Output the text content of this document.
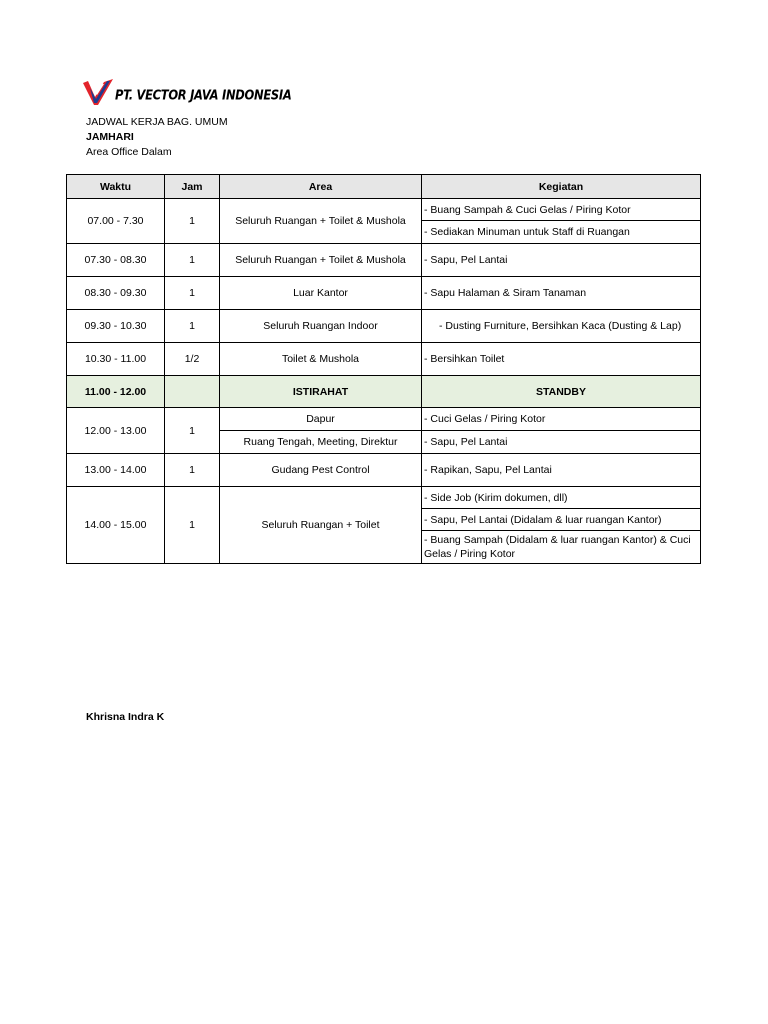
PT. VECTOR JAVA INDONESIA
JADWAL KERJA BAG. UMUM
JAMHARI
Area Office Dalam
Waktu	Jam	Area	Kegiatan
07.00 - 7.30	1	Seluruh Ruangan + Toilet & Mushola	- Buang Sampah & Cuci Gelas / Piring Kotor
			- Sediakan Minuman untuk Staff di Ruangan
07.30 - 08.30	1	Seluruh Ruangan + Toilet & Mushola	- Sapu, Pel Lantai
08.30 - 09.30	1	Luar Kantor	- Sapu Halaman & Siram Tanaman
09.30 - 10.30	1	Seluruh Ruangan Indoor	- Dusting Furniture, Bersihkan Kaca (Dusting & Lap)
10.30 - 11.00	1/2	Toilet & Mushola	- Bersihkan Toilet
11.00 - 12.00		ISTIRAHAT	STANDBY
12.00 - 13.00	1	Dapur	- Cuci Gelas / Piring Kotor
		Ruang Tengah, Meeting, Direktur	- Sapu, Pel Lantai
13.00 - 14.00	1	Gudang Pest Control	- Rapikan, Sapu, Pel Lantai
14.00 - 15.00	1	Seluruh Ruangan + Toilet	- Side Job (Kirim dokumen, dll)
			- Sapu, Pel Lantai (Didalam & luar ruangan Kantor)
			- Buang Sampah (Didalam & luar ruangan Kantor) & Cuci Gelas / Piring Kotor
Khrisna Indra K
